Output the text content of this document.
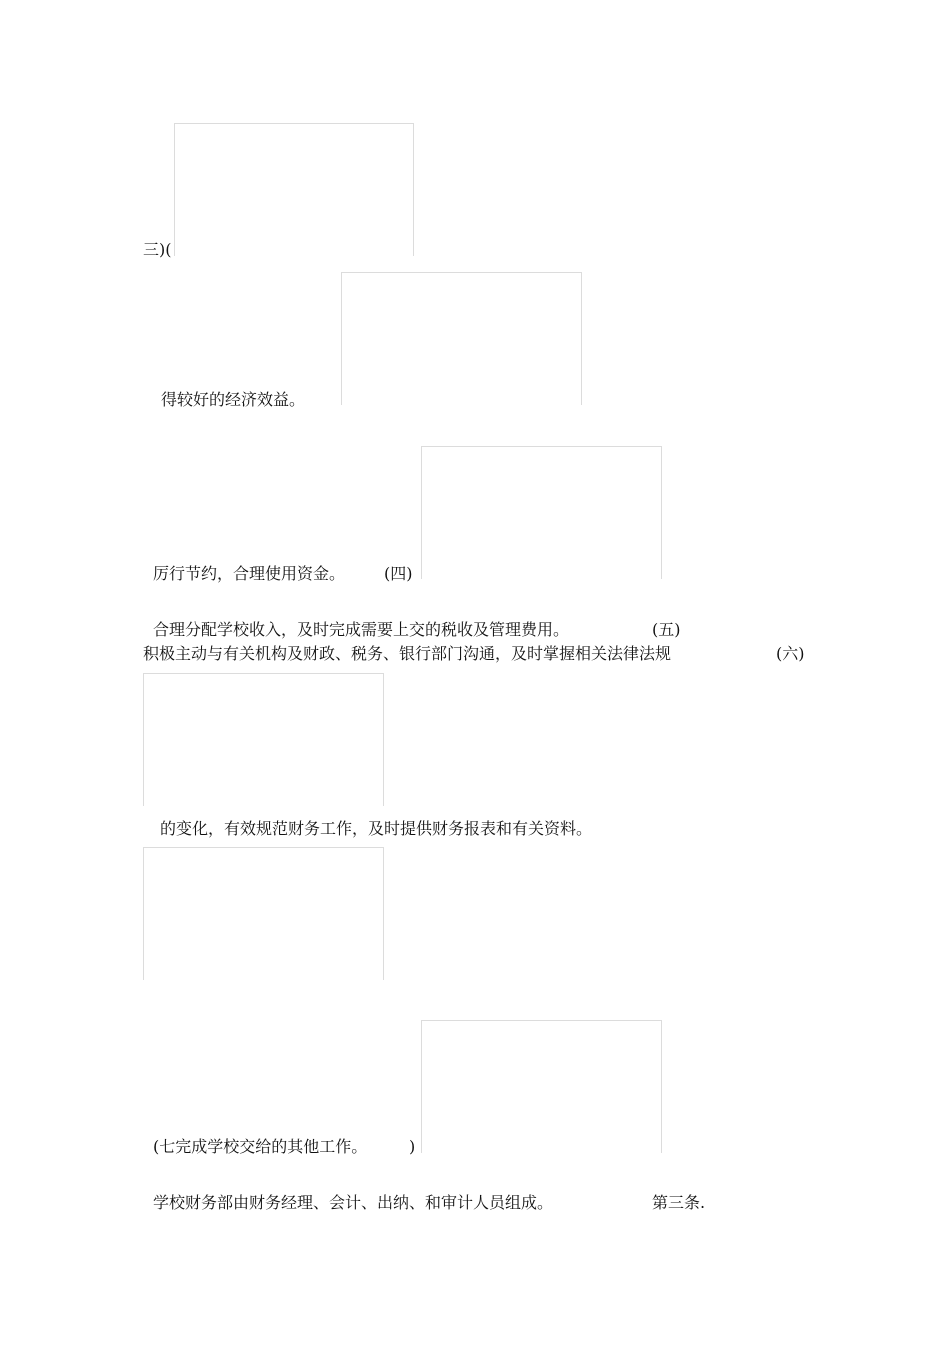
三)(
得较好的经济效益。
厉行节约，合理使用资金。 (四)
合理分配学校收入，及时完成需要上交的税收及管理费用。	(五)
积极主动与有关机构及财政、税务、银行部门沟通，及时掌握相关法律法规	(六)
的变化，有效规范财务工作，及时提供财务报表和有关资料。
(七完成学校交给的其他工作。	)
学校财务部由财务经理、会计、出纳、和审计人员组成。	第三条.
